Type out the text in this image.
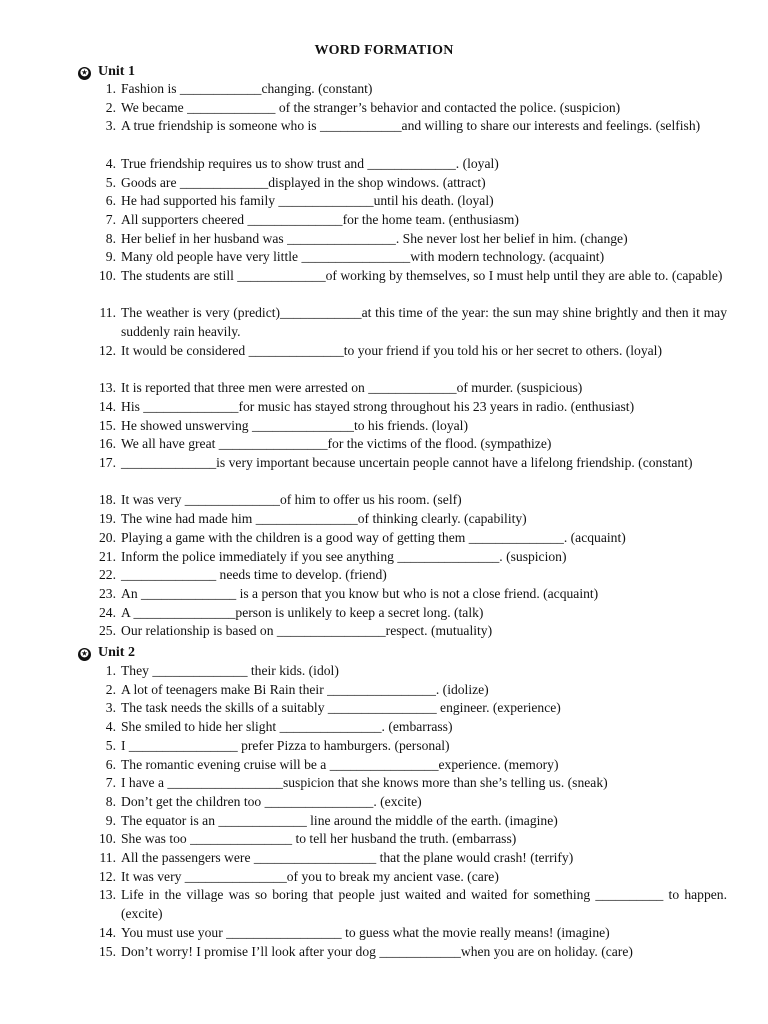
WORD FORMATION
✪ Unit 1
1. Fashion is ____________changing. (constant)
2. We became _____________ of the stranger’s behavior and contacted the police. (suspicion)
3. A true friendship is someone who is ____________and willing to share our interests and feelings. (selfish)
4. True friendship requires us to show trust and _____________. (loyal)
5. Goods are _____________displayed in the shop windows. (attract)
6. He had supported his family ______________until his death. (loyal)
7. All supporters cheered ______________for the home team. (enthusiasm)
8. Her belief in her husband was ________________. She never lost her belief in him. (change)
9. Many old people have very little ________________with modern technology. (acquaint)
10. The students are still _____________of working by themselves, so I must help until they are able to. (capable)
11. The weather is very (predict)____________at this time of the year: the sun may shine brightly and then it may suddenly rain heavily.
12. It would be considered ______________to your friend if you told his or her secret to others. (loyal)
13. It is reported that three men were arrested on _____________of murder. (suspicious)
14. His ______________for music has stayed strong throughout his 23 years in radio. (enthusiast)
15. He showed unswerving _______________to his friends. (loyal)
16. We all have great ________________for the victims of the flood. (sympathize)
17. ______________is very important because uncertain people cannot have a lifelong friendship. (constant)
18. It was very ______________of him to offer us his room. (self)
19. The wine had made him _______________of thinking clearly. (capability)
20. Playing a game with the children is a good way of getting them ______________. (acquaint)
21. Inform the police immediately if you see anything _______________. (suspicion)
22. ______________ needs time to develop. (friend)
23. An ______________ is a person that you know but who is not a close friend. (acquaint)
24. A _______________person is unlikely to keep a secret long. (talk)
25. Our relationship is based on ________________respect. (mutuality)
✪ Unit 2
1. They ______________ their kids. (idol)
2. A lot of teenagers make Bi Rain their ________________. (idolize)
3. The task needs the skills of a suitably ________________ engineer. (experience)
4. She smiled to hide her slight _______________. (embarrass)
5. I ________________ prefer Pizza to hamburgers. (personal)
6. The romantic evening cruise will be a ________________experience. (memory)
7. I have a _________________suspicion that she knows more than she’s telling us. (sneak)
8. Don’t get the children too ________________. (excite)
9. The equator is an _____________ line around the middle of the earth. (imagine)
10. She was too _______________ to tell her husband the truth. (embarrass)
11. All the passengers were __________________ that the plane would crash! (terrify)
12. It was very _______________of you to break my ancient vase. (care)
13. Life in the village was so boring that people just waited and waited for something __________ to happen. (excite)
14. You must use your _________________ to guess what the movie really means! (imagine)
15. Don’t worry! I promise I’ll look after your dog ____________when you are on holiday. (care)
